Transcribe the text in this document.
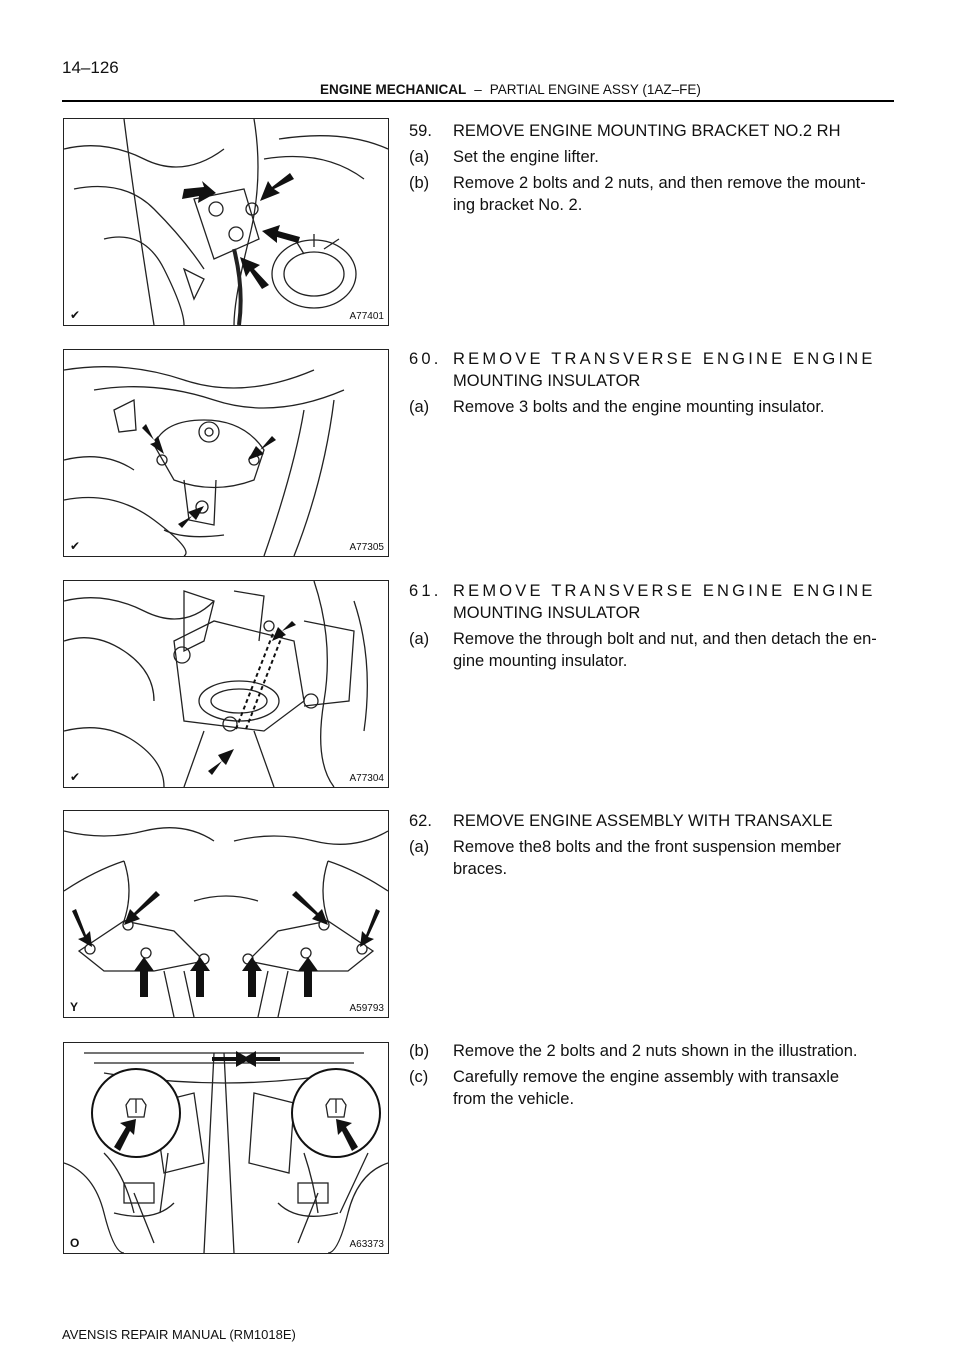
14–126
ENGINE MECHANICAL – PARTIAL ENGINE ASSY (1AZ–FE)
✔	A77401
✔	A77305
✔	A77304
Y	A59793
O	A63373
59. REMOVE ENGINE MOUNTING BRACKET NO.2 RH
(a)	Set the engine lifter.
(b)	Remove 2 bolts and 2 nuts, and then remove the mount-
ing bracket No. 2.
60. REMOVE TRANSVERSE ENGINE ENGINE
MOUNTING INSULATOR
(a)	Remove 3 bolts and the engine mounting insulator.
61. REMOVE TRANSVERSE ENGINE ENGINE
MOUNTING INSULATOR
(a)	Remove the through bolt and nut, and then detach the en-
gine mounting insulator.
62. REMOVE ENGINE ASSEMBLY WITH TRANSAXLE
(a)	Remove the8 bolts and the front suspension member
braces.
(b)	Remove the 2 bolts and 2 nuts shown in the illustration.
(c)	Carefully remove the engine assembly with transaxle
from the vehicle.
AVENSIS REPAIR MANUAL (RM1018E)
